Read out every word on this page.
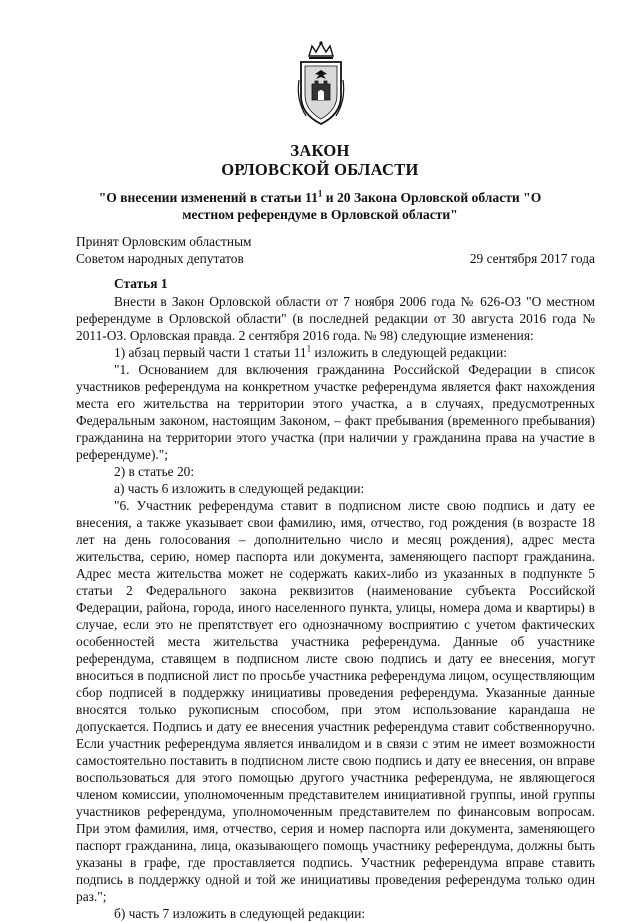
ЗАКОН
ОРЛОВСКОЙ ОБЛАСТИ
"О внесении изменений в статьи $11^1$ и 20 Закона Орловской области "О местном референдуме в Орловской области"
Принят Орловским областным
Советом народных депутатов	29 сентября 2017 года
Статья 1

Внести в Закон Орловской области от 7 ноября 2006 года № 626-ОЗ "О местном референдуме в Орловской области" (в последней редакции от 30 августа 2016 года № 2011-ОЗ. Орловская правда. 2 сентября 2016 года. № 98) следующие изменения:

1) абзац первый части 1 статьи $11^1$ изложить в следующей редакции:

"1. Основанием для включения гражданина Российской Федерации в список участников референдума на конкретном участке референдума является факт нахождения места его жительства на территории этого участка, а в случаях, предусмотренных Федеральным законом, настоящим Законом, – факт пребывания (временного пребывания) гражданина на территории этого участка (при наличии у гражданина права на участие в референдуме).";

2) в статье 20:

а) часть 6 изложить в следующей редакции:

"6. Участник референдума ставит в подписном листе свою подпись и дату ее внесения, а также указывает свои фамилию, имя, отчество, год рождения (в возрасте 18 лет на день голосования – дополнительно число и месяц рождения), адрес места жительства, серию, номер паспорта или документа, заменяющего паспорт гражданина. Адрес места жительства может не содержать каких-либо из указанных в подпункте 5 статьи 2 Федерального закона реквизитов (наименование субъекта Российской Федерации, района, города, иного населенного пункта, улицы, номера дома и квартиры) в случае, если это не препятствует его однозначному восприятию с учетом фактических особенностей места жительства участника референдума. Данные об участнике референдума, ставящем в подписном листе свою подпись и дату ее внесения, могут вноситься в подписной лист по просьбе участника референдума лицом, осуществляющим сбор подписей в поддержку инициативы проведения референдума. Указанные данные вносятся только рукописным способом, при этом использование карандаша не допускается. Подпись и дату ее внесения участник референдума ставит собственноручно. Если участник референдума является инвалидом и в связи с этим не имеет возможности самостоятельно поставить в подписном листе свою подпись и дату ее внесения, он вправе воспользоваться для этого помощью другого участника референдума, не являющегося членом комиссии, уполномоченным представителем инициативной группы, иной группы участников референдума, уполномоченным представителем по финансовым вопросам. При этом фамилия, имя, отчество, серия и номер паспорта или документа, заменяющего паспорт гражданина, лица, оказывающего помощь участнику референдума, должны быть указаны в графе, где проставляется подпись. Участник референдума вправе ставить подпись в поддержку одной и той же инициативы проведения референдума только один раз.";

б) часть 7 изложить в следующей редакции:
